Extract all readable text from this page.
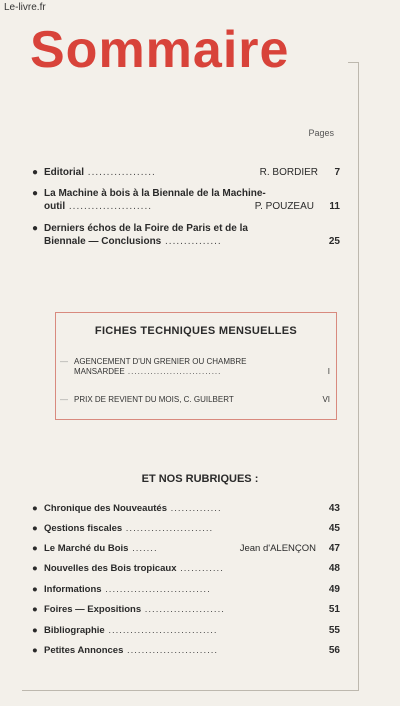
Le-livre.fr
Sommaire
Pages
● Editorial ..................	R. BORDIER 7
● La Machine à bois à la Biennale de la Machine-
outil ......................	P. POUZEAU 11
● Derniers échos de la Foire de Paris et de la
Biennale — Conclusions ...............	25
FICHES TECHNIQUES MENSUELLES
— AGENCEMENT D'UN GRENIER OU CHAMBRE
MANSARDEE .............................	I
— PRIX DE REVIENT DU MOIS, C. GUILBERT	VI
ET NOS RUBRIQUES :
● Chronique des Nouveautés ..............	43
● Qestions fiscales ........................	45
● Le Marché du Bois .......	Jean d'ALENÇON 47
● Nouvelles des Bois tropicaux ............	48
● Informations .............................	49
● Foires — Expositions ......................	51
● Bibliographie ..............................	55
● Petites Annonces .........................	56
